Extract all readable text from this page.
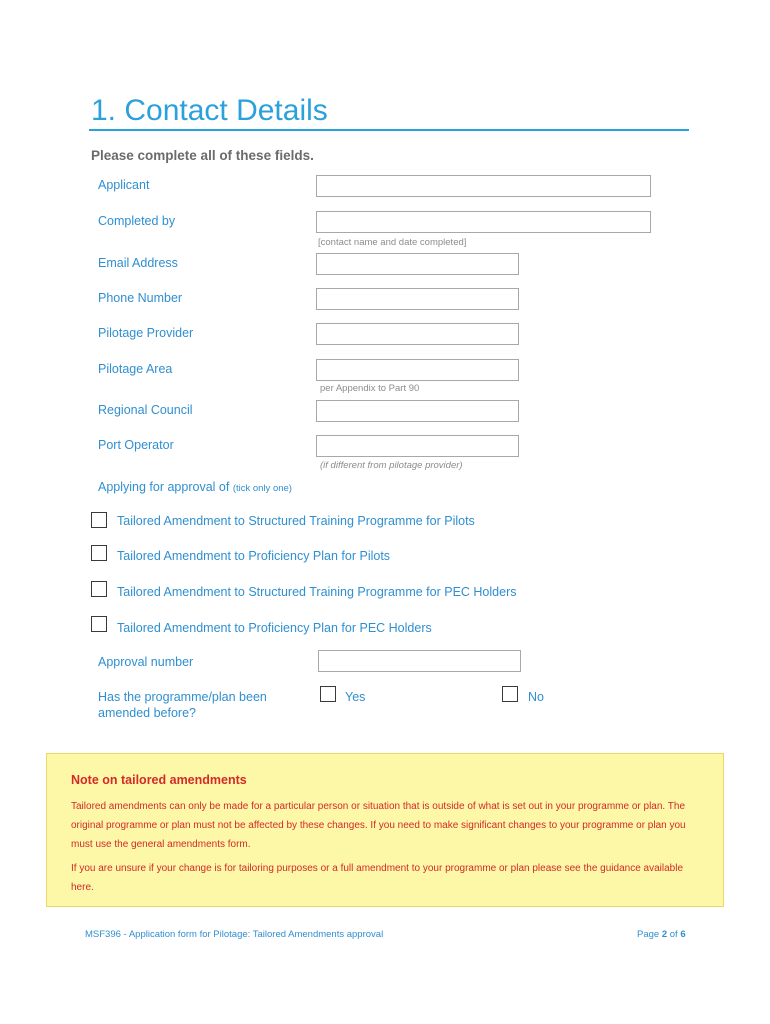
1. Contact Details
Please complete all of these fields.
Applicant
Completed by
[contact name and date completed]
Email Address
Phone Number
Pilotage Provider
Pilotage Area
per Appendix to Part 90
Regional Council
Port Operator
(if different from pilotage provider)
Applying for approval of (tick only one)
Tailored Amendment to Structured Training Programme for Pilots
Tailored Amendment to Proficiency Plan for Pilots
Tailored Amendment to Structured Training Programme for PEC Holders
Tailored Amendment to Proficiency Plan for PEC Holders
Approval number
Has the programme/plan been
amended before?
Yes	No
Note on tailored amendments
Tailored amendments can only be made for a particular person or situation that is outside of what is set out in your programme or plan. The original programme or plan must not be affected by these changes. If you need to make significant changes to your programme or plan you must use the general amendments form.
If you are unsure if your change is for tailoring purposes or a full amendment to your programme or plan please see the guidance available here.
MSF396 - Application form for Pilotage: Tailored Amendments approval	Page 2 of 6
